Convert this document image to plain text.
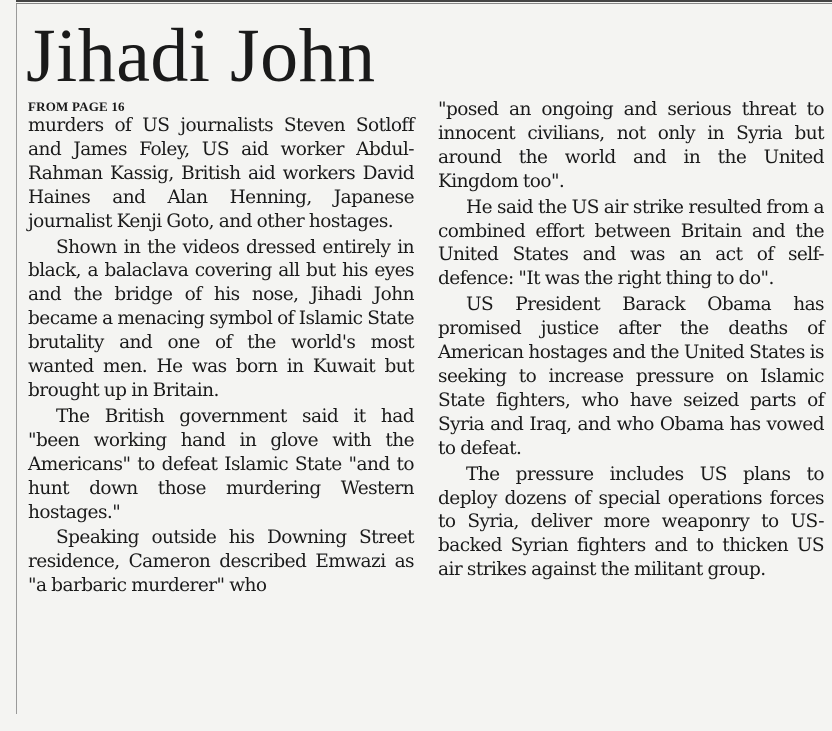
Jihadi John
FROM PAGE 16

murders of US journalists Steven Sotloff and James Foley, US aid worker Abdul-Rahman Kassig, British aid workers David Haines and Alan Henning, Japanese journalist Kenji Goto, and other hostages.

Shown in the videos dressed entirely in black, a balaclava covering all but his eyes and the bridge of his nose, Jihadi John became a menacing symbol of Islamic State brutality and one of the world's most wanted men. He was born in Kuwait but brought up in Britain.

The British government said it had "been working hand in glove with the Americans" to defeat Islamic State "and to hunt down those murdering Western hostages."

Speaking outside his Downing Street residence, Cameron described Emwazi as "a barbaric murderer" who

"posed an ongoing and serious threat to innocent civilians, not only in Syria but around the world and in the United Kingdom too".

He said the US air strike resulted from a combined effort between Britain and the United States and was an act of self-defence: "It was the right thing to do".

US President Barack Obama has promised justice after the deaths of American hostages and the United States is seeking to increase pressure on Islamic State fighters, who have seized parts of Syria and Iraq, and who Obama has vowed to defeat.

The pressure includes US plans to deploy dozens of special operations forces to Syria, deliver more weaponry to US-backed Syrian fighters and to thicken US air strikes against the militant group.
